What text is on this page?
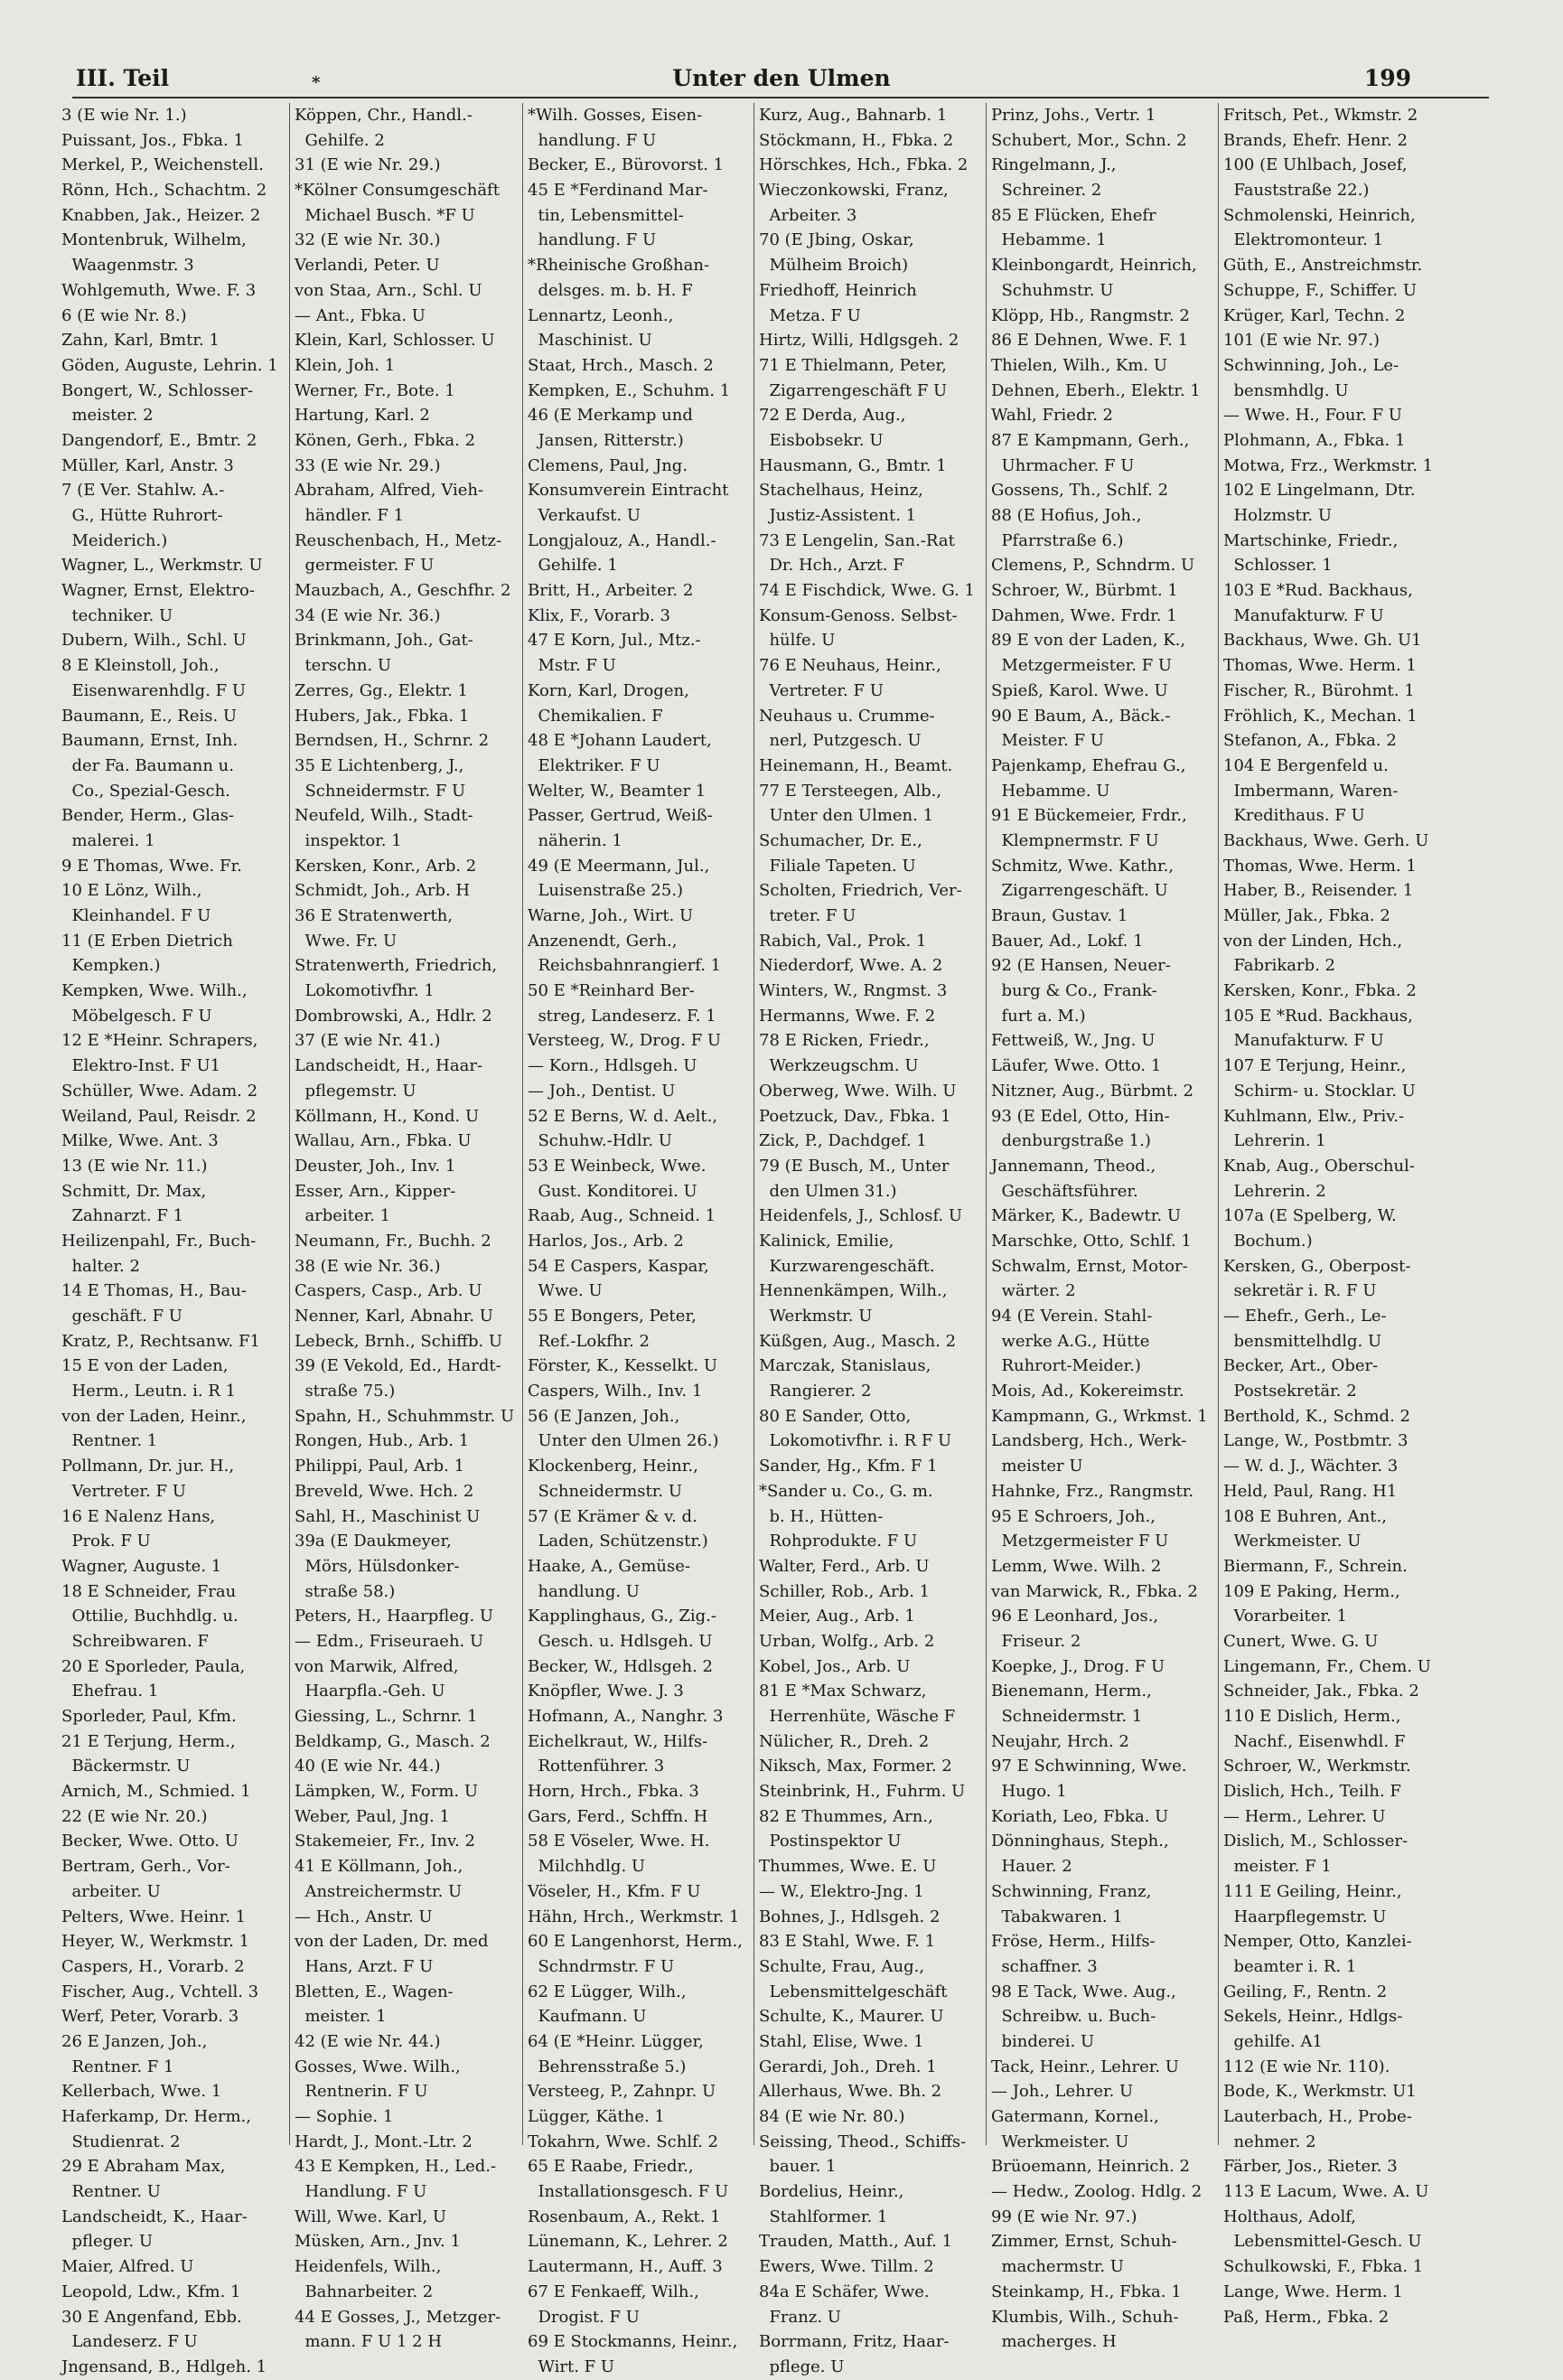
III. Teil	*	Unter den Ulmen	199
3 (E wie Nr. 1.)
Puissant, Jos., Fbka. 1
Merkel, P., Weichenstell.
Rönn, Hch., Schachtm. 2
Knabben, Jak., Heizer. 2
Montenbruk, Wilhelm,
Waagenmstr. 3
Wohlgemuth, Wwe. F. 3
6 (E wie Nr. 8.)
Zahn, Karl, Bmtr. 1
Göden, Auguste, Lehrin. 1
Bongert, W., Schlosser-
meister. 2
Dangendorf, E., Bmtr. 2
Müller, Karl, Anstr. 3
7 (E Ver. Stahlw. A.-
G., Hütte Ruhrort-
Meiderich.)
Wagner, L., Werkmstr. U
Wagner, Ernst, Elektro-
techniker. U
Dubern, Wilh., Schl. U
8 E Kleinstoll, Joh.,
Eisenwarenhdlg. F U
Baumann, E., Reis. U
Baumann, Ernst, Inh.
der Fa. Baumann u.
Co., Spezial-Gesch.
Bender, Herm., Glas-
malerei. 1
9 E Thomas, Wwe. Fr.
10 E Lönz, Wilh.,
Kleinhandel. F U
11 (E Erben Dietrich
Kempken.)
Kempken, Wwe. Wilh.,
Möbelgesch. F U
12 E *Heinr. Schrapers,
Elektro-Inst. F U1
Schüller, Wwe. Adam. 2
Weiland, Paul, Reisdr. 2
Milke, Wwe. Ant. 3
13 (E wie Nr. 11.)
Schmitt, Dr. Max,
Zahnarzt. F 1
Heilizenpahl, Fr., Buch-
halter. 2
14 E Thomas, H., Bau-
geschäft. F U
Kratz, P., Rechtsanw. F1
15 E von der Laden,
Herm., Leutn. i. R 1
von der Laden, Heinr.,
Rentner. 1
Pollmann, Dr. jur. H.,
Vertreter. F U
16 E Nalenz Hans,
Prok. F U
Wagner, Auguste. 1
18 E Schneider, Frau
Ottilie, Buchhdlg. u.
Schreibwaren. F
20 E Sporleder, Paula,
Ehefrau. 1
Sporleder, Paul, Kfm.
21 E Terjung, Herm.,
Bäckermstr. U
Arnich, M., Schmied. 1
22 (E wie Nr. 20.)
Becker, Wwe. Otto. U
Bertram, Gerh., Vor-
arbeiter. U
Pelters, Wwe. Heinr. 1
Heyer, W., Werkmstr. 1
Caspers, H., Vorarb. 2
Fischer, Aug., Vchtell. 3
Werf, Peter, Vorarb. 3
26 E Janzen, Joh.,
Rentner. F 1
Kellerbach, Wwe. 1
Haferkamp, Dr. Herm.,
Studienrat. 2
29 E Abraham Max,
Rentner. U
Landscheidt, K., Haar-
pfleger. U
Maier, Alfred. U
Leopold, Ldw., Kfm. 1
30 E Angenfand, Ebb.
Landeserz. F U
Jngensand, B., Hdlgeh. 1
Köppen, Chr., Handl.-
Gehilfe. 2
31 (E wie Nr. 29.)
*Kölner Consumgeschäft
Michael Busch. *F U
32 (E wie Nr. 30.)
Verlandi, Peter. U
von Staa, Arn., Schl. U
— Ant., Fbka. U
Klein, Karl, Schlosser. U
Klein, Joh. 1
Werner, Fr., Bote. 1
Hartung, Karl. 2
Könen, Gerh., Fbka. 2
33 (E wie Nr. 29.)
Abraham, Alfred, Vieh-
händler. F 1
Reuschenbach, H., Metz-
germeister. F U
Mauzbach, A., Geschfhr. 2
34 (E wie Nr. 36.)
Brinkmann, Joh., Gat-
terschn. U
Zerres, Gg., Elektr. 1
Hubers, Jak., Fbka. 1
Berndsen, H., Schrnr. 2
35 E Lichtenberg, J.,
Schneidermstr. F U
Neufeld, Wilh., Stadt-
inspektor. 1
Kersken, Konr., Arb. 2
Schmidt, Joh., Arb. H
36 E Stratenwerth,
Wwe. Fr. U
Stratenwerth, Friedrich,
Lokomotivfhr. 1
Dombrowski, A., Hdlr. 2
37 (E wie Nr. 41.)
Landscheidt, H., Haar-
pflegemstr. U
Köllmann, H., Kond. U
Wallau, Arn., Fbka. U
Deuster, Joh., Inv. 1
Esser, Arn., Kipper-
arbeiter. 1
Neumann, Fr., Buchh. 2
38 (E wie Nr. 36.)
Caspers, Casp., Arb. U
Nenner, Karl, Abnahr. U
Lebeck, Brnh., Schiffb. U
39 (E Vekold, Ed., Hardt-
straße 75.)
Spahn, H., Schuhmmstr. U
Rongen, Hub., Arb. 1
Philippi, Paul, Arb. 1
Breveld, Wwe. Hch. 2
Sahl, H., Maschinist U
39a (E Daukmeyer,
Mörs, Hülsdonker-
straße 58.)
Peters, H., Haarpfleg. U
— Edm., Friseuraeh. U
von Marwik, Alfred,
Haarpfla.-Geh. U
Giessing, L., Schrnr. 1
Beldkamp, G., Masch. 2
40 (E wie Nr. 44.)
Lämpken, W., Form. U
Weber, Paul, Jng. 1
Stakemeier, Fr., Inv. 2
41 E Köllmann, Joh.,
Anstreichermstr. U
— Hch., Anstr. U
von der Laden, Dr. med
Hans, Arzt. F U
Bletten, E., Wagen-
meister. 1
42 (E wie Nr. 44.)
Gosses, Wwe. Wilh.,
Rentnerin. F U
— Sophie. 1
Hardt, J., Mont.-Ltr. 2
43 E Kempken, H., Led.-
Handlung. F U
Will, Wwe. Karl, U
Müsken, Arn., Jnv. 1
Heidenfels, Wilh.,
Bahnarbeiter. 2
44 E Gosses, J., Metzger-
mann. F U 1 2 H
*Wilh. Gosses, Eisen-
handlung. F U
Becker, E., Bürovorst. 1
45 E *Ferdinand Mar-
tin, Lebensmittel-
handlung. F U
*Rheinische Großhan-
delsges. m. b. H. F
Lennartz, Leonh.,
Maschinist. U
Staat, Hrch., Masch. 2
Kempken, E., Schuhm. 1
46 (E Merkamp und
Jansen, Ritterstr.)
Clemens, Paul, Jng.
Konsumverein Eintracht
Verkaufst. U
Longjalouz, A., Handl.-
Gehilfe. 1
Britt, H., Arbeiter. 2
Klix, F., Vorarb. 3
47 E Korn, Jul., Mtz.-
Mstr. F U
Korn, Karl, Drogen,
Chemikalien. F
48 E *Johann Laudert,
Elektriker. F U
Welter, W., Beamter 1
Passer, Gertrud, Weiß-
näherin. 1
49 (E Meermann, Jul.,
Luisenstraße 25.)
Warne, Joh., Wirt. U
Anzenendt, Gerh.,
Reichsbahnrangierf. 1
50 E *Reinhard Ber-
streg, Landeserz. F. 1
Versteeg, W., Drog. F U
— Korn., Hdlsgeh. U
— Joh., Dentist. U
52 E Berns, W. d. Aelt.,
Schuhw.-Hdlr. U
53 E Weinbeck, Wwe.
Gust. Konditorei. U
Raab, Aug., Schneid. 1
Harlos, Jos., Arb. 2
54 E Caspers, Kaspar,
Wwe. U
55 E Bongers, Peter,
Ref.-Lokfhr. 2
Förster, K., Kesselkt. U
Caspers, Wilh., Inv. 1
56 (E Janzen, Joh.,
Unter den Ulmen 26.)
Klockenberg, Heinr.,
Schneidermstr. U
57 (E Krämer & v. d.
Laden, Schützenstr.)
Haake, A., Gemüse-
handlung. U
Kapplinghaus, G., Zig.-
Gesch. u. Hdlsgeh. U
Becker, W., Hdlsgeh. 2
Knöpfler, Wwe. J. 3
Hofmann, A., Nanghr. 3
Eichelkraut, W., Hilfs-
Rottenführer. 3
Horn, Hrch., Fbka. 3
Gars, Ferd., Schffn. H
58 E Vöseler, Wwe. H.
Milchhdlg. U
Vöseler, H., Kfm. F U
Hähn, Hrch., Werkmstr. 1
60 E Langenhorst, Herm.,
Schndrmstr. F U
62 E Lügger, Wilh.,
Kaufmann. U
64 (E *Heinr. Lügger,
Behrensstraße 5.)
Versteeg, P., Zahnpr. U
Lügger, Käthe. 1
Tokahrn, Wwe. Schlf. 2
65 E Raabe, Friedr.,
Installationsgesch. F U
Rosenbaum, A., Rekt. 1
Lünemann, K., Lehrer. 2
Lautermann, H., Auff. 3
67 E Fenkaeff, Wilh.,
Drogist. F U
69 E Stockmanns, Heinr.,
Wirt. F U
Kurz, Aug., Bahnarb. 1
Stöckmann, H., Fbka. 2
Hörschkes, Hch., Fbka. 2
Wieczonkowski, Franz,
Arbeiter. 3
70 (E Jbing, Oskar,
Mülheim Broich)
Friedhoff, Heinrich
Metza. F U
Hirtz, Willi, Hdlgsgeh. 2
71 E Thielmann, Peter,
Zigarrengeschäft F U
72 E Derda, Aug.,
Eisbobsekr. U
Hausmann, G., Bmtr. 1
Stachelhaus, Heinz,
Justiz-Assistent. 1
73 E Lengelin, San.-Rat
Dr. Hch., Arzt. F
74 E Fischdick, Wwe. G. 1
Konsum-Genoss. Selbst-
hülfe. U
76 E Neuhaus, Heinr.,
Vertreter. F U
Neuhaus u. Crumme-
nerl, Putzgesch. U
Heinemann, H., Beamt.
77 E Tersteegen, Alb.,
Unter den Ulmen. 1
Schumacher, Dr. E.,
Filiale Tapeten. U
Scholten, Friedrich, Ver-
treter. F U
Rabich, Val., Prok. 1
Niederdorf, Wwe. A. 2
Winters, W., Rngmst. 3
Hermanns, Wwe. F. 2
78 E Ricken, Friedr.,
Werkzeugschm. U
Oberweg, Wwe. Wilh. U
Poetzuck, Dav., Fbka. 1
Zick, P., Dachdgef. 1
79 (E Busch, M., Unter
den Ulmen 31.)
Heidenfels, J., Schlosf. U
Kalinick, Emilie,
Kurzwarengeschäft.
Hennenkämpen, Wilh.,
Werkmstr. U
Küßgen, Aug., Masch. 2
Marczak, Stanislaus,
Rangierer. 2
80 E Sander, Otto,
Lokomotivfhr. i. R F U
Sander, Hg., Kfm. F 1
*Sander u. Co., G. m.
b. H., Hütten-
Rohprodukte. F U
Walter, Ferd., Arb. U
Schiller, Rob., Arb. 1
Meier, Aug., Arb. 1
Urban, Wolfg., Arb. 2
Kobel, Jos., Arb. U
81 E *Max Schwarz,
Herrenhüte, Wäsche F
Nülicher, R., Dreh. 2
Niksch, Max, Former. 2
Steinbrink, H., Fuhrm. U
82 E Thummes, Arn.,
Postinspektor U
Thummes, Wwe. E. U
— W., Elektro-Jng. 1
Bohnes, J., Hdlsgeh. 2
83 E Stahl, Wwe. F. 1
Schulte, Frau, Aug.,
Lebensmittelgeschäft
Schulte, K., Maurer. U
Stahl, Elise, Wwe. 1
Gerardi, Joh., Dreh. 1
Allerhaus, Wwe. Bh. 2
84 (E wie Nr. 80.)
Seissing, Theod., Schiffs-
bauer. 1
Bordelius, Heinr.,
Stahlformer. 1
Trauden, Matth., Auf. 1
Ewers, Wwe. Tillm. 2
84a E Schäfer, Wwe.
Franz. U
Borrmann, Fritz, Haar-
pflege. U
Prinz, Johs., Vertr. 1
Schubert, Mor., Schn. 2
Ringelmann, J.,
Schreiner. 2
85 E Flücken, Ehefr
Hebamme. 1
Kleinbongardt, Heinrich,
Schuhmstr. U
Klöpp, Hb., Rangmstr. 2
86 E Dehnen, Wwe. F. 1
Thielen, Wilh., Km. U
Dehnen, Eberh., Elektr. 1
Wahl, Friedr. 2
87 E Kampmann, Gerh.,
Uhrmacher. F U
Gossens, Th., Schlf. 2
88 (E Hofius, Joh.,
Pfarrstraße 6.)
Clemens, P., Schndrm. U
Schroer, W., Bürbmt. 1
Dahmen, Wwe. Frdr. 1
89 E von der Laden, K.,
Metzgermeister. F U
Spieß, Karol. Wwe. U
90 E Baum, A., Bäck.-
Meister. F U
Pajenkamp, Ehefrau G.,
Hebamme. U
91 E Bückemeier, Frdr.,
Klempnermstr. F U
Schmitz, Wwe. Kathr.,
Zigarrengeschäft. U
Braun, Gustav. 1
Bauer, Ad., Lokf. 1
92 (E Hansen, Neuer-
burg & Co., Frank-
furt a. M.)
Fettweiß, W., Jng. U
Läufer, Wwe. Otto. 1
Nitzner, Aug., Bürbmt. 2
93 (E Edel, Otto, Hin-
denburgstraße 1.)
Jannemann, Theod.,
Geschäftsführer.
Märker, K., Badewtr. U
Marschke, Otto, Schlf. 1
Schwalm, Ernst, Motor-
wärter. 2
94 (E Verein. Stahl-
werke A.G., Hütte
Ruhrort-Meider.)
Mois, Ad., Kokereimstr.
Kampmann, G., Wrkmst. 1
Landsberg, Hch., Werk-
meister U
Hahnke, Frz., Rangmstr.
95 E Schroers, Joh.,
Metzgermeister F U
Lemm, Wwe. Wilh. 2
van Marwick, R., Fbka. 2
96 E Leonhard, Jos.,
Friseur. 2
Koepke, J., Drog. F U
Bienemann, Herm.,
Schneidermstr. 1
Neujahr, Hrch. 2
97 E Schwinning, Wwe.
Hugo. 1
Koriath, Leo, Fbka. U
Dönninghaus, Steph.,
Hauer. 2
Schwinning, Franz,
Tabakwaren. 1
Fröse, Herm., Hilfs-
schaffner. 3
98 E Tack, Wwe. Aug.,
Schreibw. u. Buch-
binderei. U
Tack, Heinr., Lehrer. U
— Joh., Lehrer. U
Gatermann, Kornel.,
Werkmeister. U
Brüoemann, Heinrich. 2
— Hedw., Zoolog. Hdlg. 2
99 (E wie Nr. 97.)
Zimmer, Ernst, Schuh-
machermstr. U
Steinkamp, H., Fbka. 1
Klumbis, Wilh., Schuh-
macherges. H
Fritsch, Pet., Wkmstr. 2
Brands, Ehefr. Henr. 2
100 (E Uhlbach, Josef,
Fauststraße 22.)
Schmolenski, Heinrich,
Elektromonteur. 1
Güth, E., Anstreichmstr.
Schuppe, F., Schiffer. U
Krüger, Karl, Techn. 2
101 (E wie Nr. 97.)
Schwinning, Joh., Le-
bensmhdlg. U
— Wwe. H., Four. F U
Plohmann, A., Fbka. 1
Motwa, Frz., Werkmstr. 1
102 E Lingelmann, Dtr.
Holzmstr. U
Martschinke, Friedr.,
Schlosser. 1
103 E *Rud. Backhaus,
Manufakturw. F U
Backhaus, Wwe. Gh. U1
Thomas, Wwe. Herm. 1
Fischer, R., Bürohmt. 1
Fröhlich, K., Mechan. 1
Stefanon, A., Fbka. 2
104 E Bergenfeld u.
Imbermann, Waren-
Kredithaus. F U
Backhaus, Wwe. Gerh. U
Thomas, Wwe. Herm. 1
Haber, B., Reisender. 1
Müller, Jak., Fbka. 2
von der Linden, Hch.,
Fabrikarb. 2
Kersken, Konr., Fbka. 2
105 E *Rud. Backhaus,
Manufakturw. F U
107 E Terjung, Heinr.,
Schirm- u. Stocklar. U
Kuhlmann, Elw., Priv.-
Lehrerin. 1
Knab, Aug., Oberschul-
Lehrerin. 2
107a (E Spelberg, W.
Bochum.)
Kersken, G., Oberpost-
sekretär i. R. F U
— Ehefr., Gerh., Le-
bensmittelhdlg. U
Becker, Art., Ober-
Postsekretär. 2
Berthold, K., Schmd. 2
Lange, W., Postbmtr. 3
— W. d. J., Wächter. 3
Held, Paul, Rang. H1
108 E Buhren, Ant.,
Werkmeister. U
Biermann, F., Schrein.
109 E Paking, Herm.,
Vorarbeiter. 1
Cunert, Wwe. G. U
Lingemann, Fr., Chem. U
Schneider, Jak., Fbka. 2
110 E Dislich, Herm.,
Nachf., Eisenwhdl. F
Schroer, W., Werkmstr.
Dislich, Hch., Teilh. F
— Herm., Lehrer. U
Dislich, M., Schlosser-
meister. F 1
111 E Geiling, Heinr.,
Haarpflegemstr. U
Nemper, Otto, Kanzlei-
beamter i. R. 1
Geiling, F., Rentn. 2
Sekels, Heinr., Hdlgs-
gehilfe. A1
112 (E wie Nr. 110).
Bode, K., Werkmstr. U1
Lauterbach, H., Probe-
nehmer. 2
Färber, Jos., Rieter. 3
113 E Lacum, Wwe. A. U
Holthaus, Adolf,
Lebensmittel-Gesch. U
Schulkowski, F., Fbka. 1
Lange, Wwe. Herm. 1
Paß, Herm., Fbka. 2
